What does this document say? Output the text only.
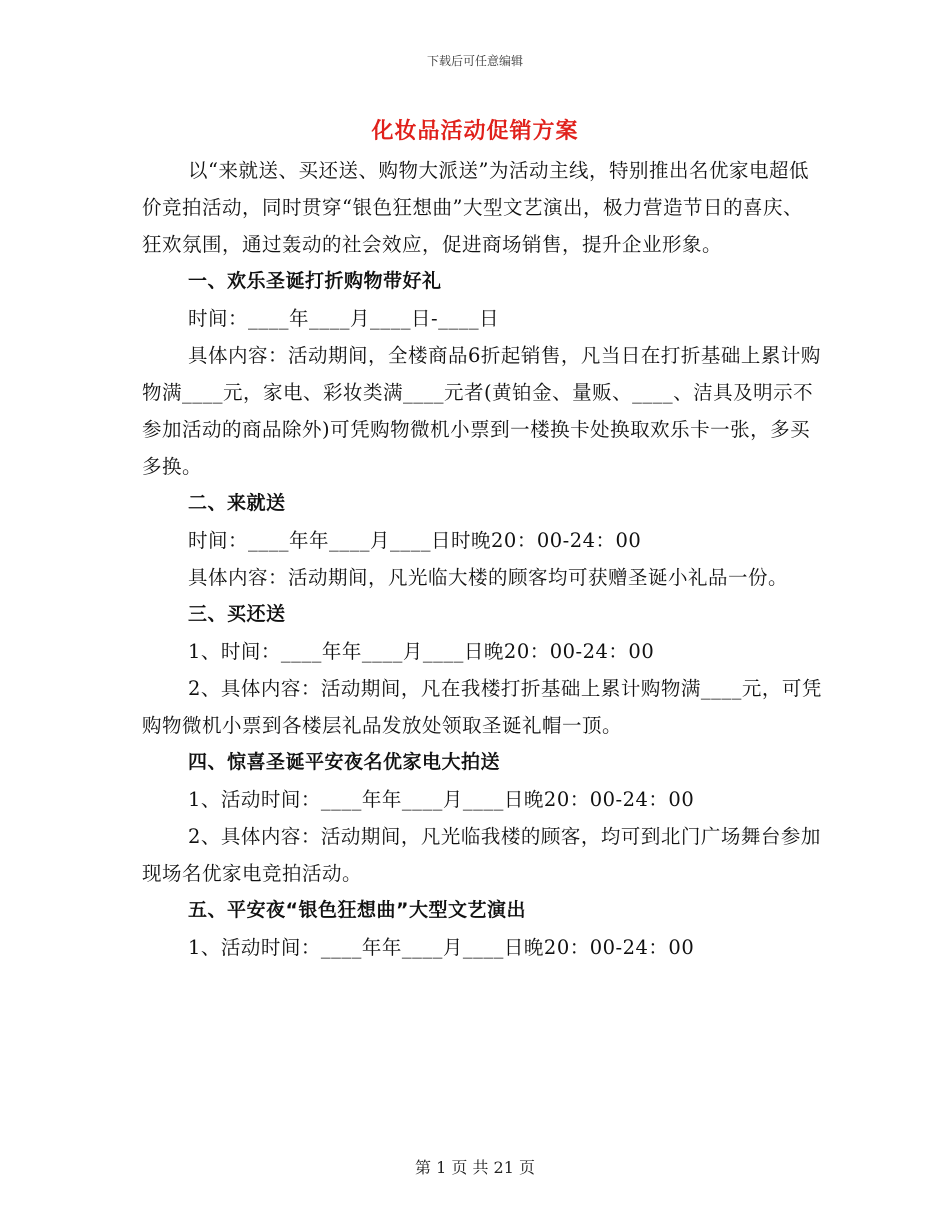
下载后可任意编辑
化妆品活动促销方案

以“来就送、买还送、购物大派送”为活动主线，特别推出名优家电超低价竞拍活动，同时贯穿“银色狂想曲”大型文艺演出，极力营造节日的喜庆、狂欢氛围，通过轰动的社会效应，促进商场销售，提升企业形象。

一、欢乐圣诞打折购物带好礼

时间：____年____月____日-____日

具体内容：活动期间，全楼商品6折起销售，凡当日在打折基础上累计购物满____元，家电、彩妆类满____元者(黄铂金、量贩、____、洁具及明示不参加活动的商品除外)可凭购物微机小票到一楼换卡处换取欢乐卡一张，多买多换。

二、来就送

时间：____年年____月____日时晚20：00-24：00

具体内容：活动期间，凡光临大楼的顾客均可获赠圣诞小礼品一份。

三、买还送

1、时间：____年年____月____日晚20：00-24：00

2、具体内容：活动期间，凡在我楼打折基础上累计购物满____元，可凭购物微机小票到各楼层礼品发放处领取圣诞礼帽一顶。

四、惊喜圣诞平安夜名优家电大拍送

1、活动时间：____年年____月____日晚20：00-24：00

2、具体内容：活动期间，凡光临我楼的顾客，均可到北门广场舞台参加现场名优家电竞拍活动。

五、平安夜“银色狂想曲”大型文艺演出

1、活动时间：____年年____月____日晚20：00-24：00

第 1 页 共 21 页
